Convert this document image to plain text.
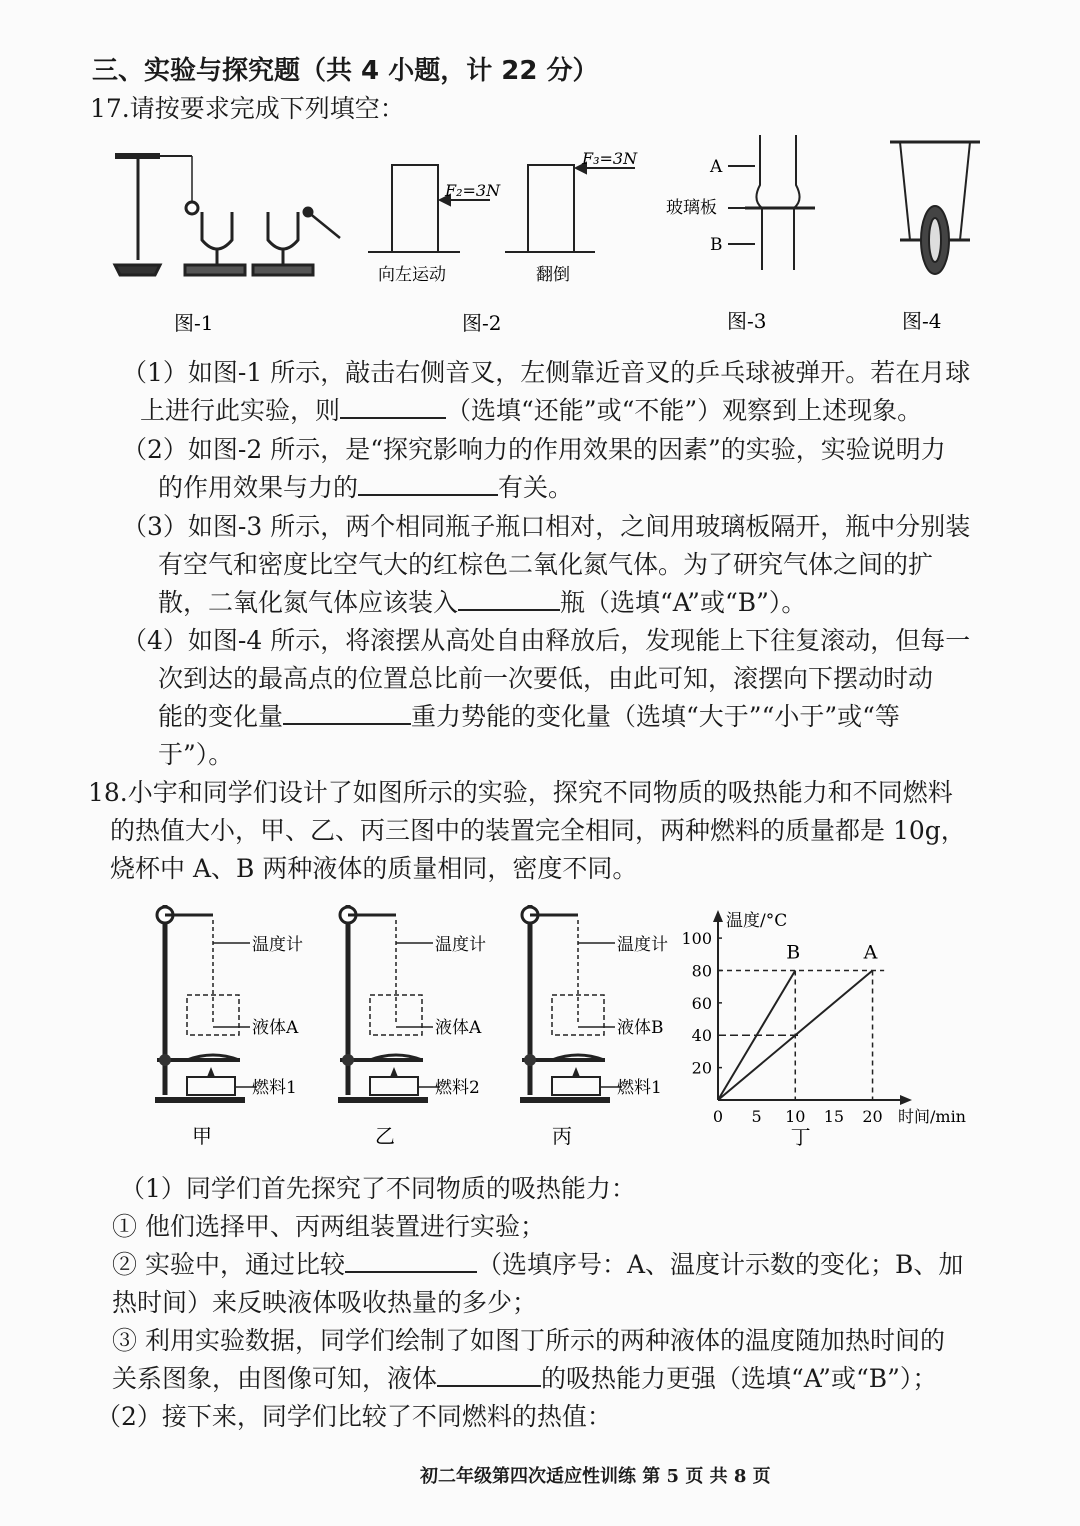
三、实验与探究题（共 4 小题，计 22 分）
17.请按要求完成下列填空：
F₂=3N
F₃=3N
向左运动	翻倒
A
玻璃板
B
图-1	图-2	图-3	图-4
（1）如图-1 所示，敲击右侧音叉，左侧靠近音叉的乒乓球被弹开。若在月球
上进行此实验，则	（选填“还能”或“不能”）观察到上述现象。
（2）如图-2 所示，是“探究影响力的作用效果的因素”的实验，实验说明力
的作用效果与力的	有关。
（3）如图-3 所示，两个相同瓶子瓶口相对，之间用玻璃板隔开，瓶中分别装
有空气和密度比空气大的红棕色二氧化氮气体。为了研究气体之间的扩
散，二氧化氮气体应该装入	瓶（选填“A”或“B”）。
（4）如图-4 所示，将滚摆从高处自由释放后，发现能上下往复滚动，但每一
次到达的最高点的位置总比前一次要低，由此可知，滚摆向下摆动时动
能的变化量	重力势能的变化量（选填“大于”“小于”或“等
于”）。
18.小宇和同学们设计了如图所示的实验，探究不同物质的吸热能力和不同燃料
的热值大小，甲、乙、丙三图中的装置完全相同，两种燃料的质量都是 10g，
烧杯中 A、B 两种液体的质量相同，密度不同。
温度计
液体A
燃料1
温度计
液体A
燃料2
温度计
液体B
燃料1
甲	乙	丙
温度/°C
时间/min
20
40
60
80
100
0 5 10 15 20
B	A
丁
（1）同学们首先探究了不同物质的吸热能力：
① 他们选择甲、丙两组装置进行实验；
② 实验中，通过比较	（选填序号：A、温度计示数的变化；B、加
热时间）来反映液体吸收热量的多少；
③ 利用实验数据，同学们绘制了如图丁所示的两种液体的温度随加热时间的
关系图象，由图像可知，液体	的吸热能力更强（选填“A”或“B”）；
（2）接下来，同学们比较了不同燃料的热值：
初二年级第四次适应性训练 第 5 页 共 8 页
